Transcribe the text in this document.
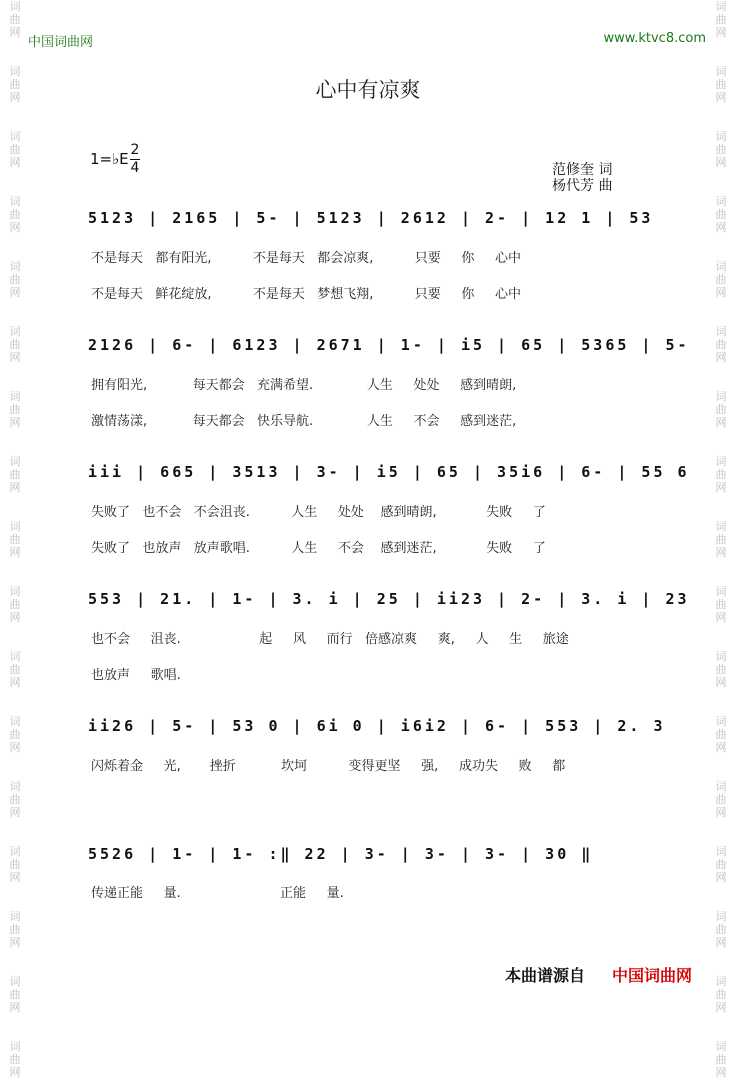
词
曲
网

词
曲
网

词
曲
网

词
曲
网

词
曲
网

词
曲
网

词
曲
网

词
曲
网

词
曲
网

词
曲
网

词
曲
网

词
曲
网

词
曲
网

词
曲
网

词
曲
网

词
曲
网

词
曲
网
词
曲
网

词
曲
网

词
曲
网

词
曲
网

词
曲
网

词
曲
网

词
曲
网

词
曲
网

词
曲
网

词
曲
网

词
曲
网

词
曲
网

词
曲
网

词
曲
网

词
曲
网

词
曲
网

词
曲
网
中国词曲网	www.ktvc8.com
心中有凉爽
1=♭E 2
4	范修奎 词
杨代芳 曲
5123 | 2165 | 5- | 5123 | 2612 | 2- | 12 1 | 53
不是每天   都有阳光,          不是每天   都会凉爽,          只要     你     心中
不是每天   鲜花绽放,          不是每天   梦想飞翔,          只要     你     心中
2126 | 6- | 6123 | 2671 | 1- | i5 | 65 | 5365 | 5-
拥有阳光,           每天都会   充满希望.             人生     处处     感到晴朗,
激情荡漾,           每天都会   快乐导航.             人生     不会     感到迷茫,
iii | 665 | 3513 | 3- | i5 | 65 | 35i6 | 6- | 55 6
失败了   也不会   不会沮丧.          人生     处处    感到晴朗,            失败     了
失败了   也放声   放声歌唱.          人生     不会    感到迷茫,            失败     了
553 | 21. | 1- | 3. i | 25 | ii23 | 2- | 3. i | 23
也不会     沮丧.                   起     风     而行   倍感凉爽     爽,     人     生     旅途
也放声     歌唱.
ii26 | 5- | 53 0 | 6i 0 | i6i2 | 6- | 553 | 2. 3
闪烁着金     光,       挫折           坎坷          变得更坚     强,     成功失     败     都
5526 | 1- | 1- :‖ 22 | 3- | 3- | 3- | 30 ‖
传递正能     量.                        正能     量.
本曲谱源自 中国词曲网
